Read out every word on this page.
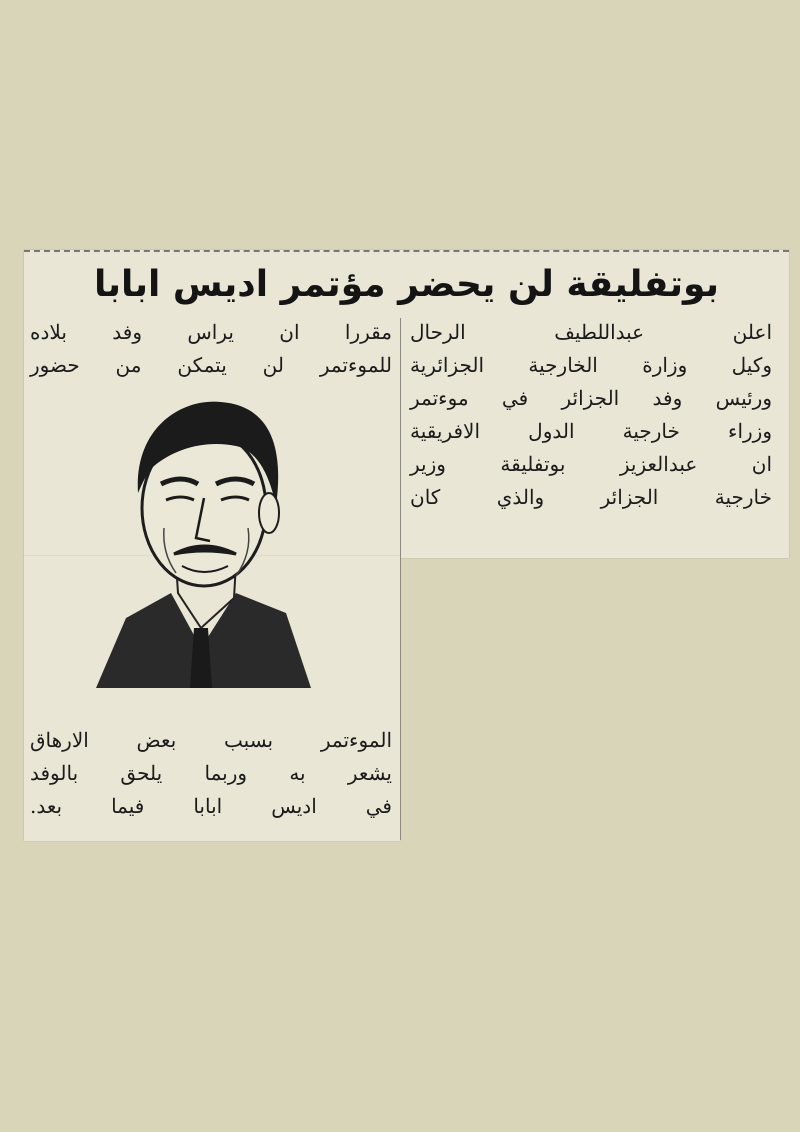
بوتفليقة لن يحضر مؤتمر اديس ابابا
اعلن عبداللطيف الرحال
وكيل وزارة الخارجية الجزائرية
ورئيس وفد الجزائر في موءتمر
وزراء خارجية الدول الافريقية
ان عبدالعزيز بوتفليقة وزير
خارجية الجزائر والذي كان
مقررا ان يراس وفد بلاده
للموءتمر لن يتمكن من حضور
الموءتمر بسبب بعض الارهاق
يشعر به وربما يلحق بالوفد
في اديس ابابا فيما بعد.
